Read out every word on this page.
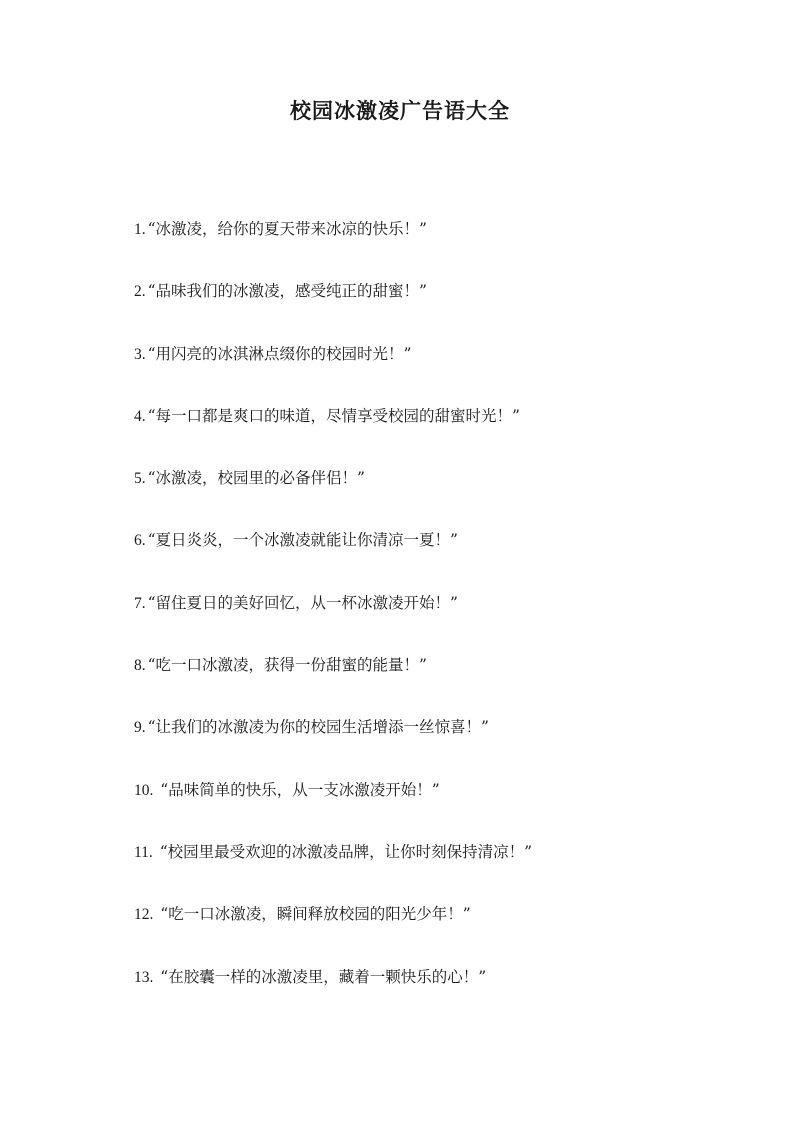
校园冰激凌广告语大全
1. “冰激凌，给你的夏天带来冰凉的快乐！”
2. “品味我们的冰激凌，感受纯正的甜蜜！”
3. “用闪亮的冰淇淋点缀你的校园时光！”
4. “每一口都是爽口的味道，尽情享受校园的甜蜜时光！”
5. “冰激凌，校园里的必备伴侣！”
6. “夏日炎炎，一个冰激凌就能让你清凉一夏！”
7. “留住夏日的美好回忆，从一杯冰激凌开始！”
8. “吃一口冰激凌，获得一份甜蜜的能量！”
9. “让我们的冰激凌为你的校园生活增添一丝惊喜！”
10. “品味简单的快乐，从一支冰激凌开始！”
11. “校园里最受欢迎的冰激凌品牌，让你时刻保持清凉！”
12. “吃一口冰激凌，瞬间释放校园的阳光少年！”
13. “在胶囊一样的冰激凌里，藏着一颗快乐的心！”
